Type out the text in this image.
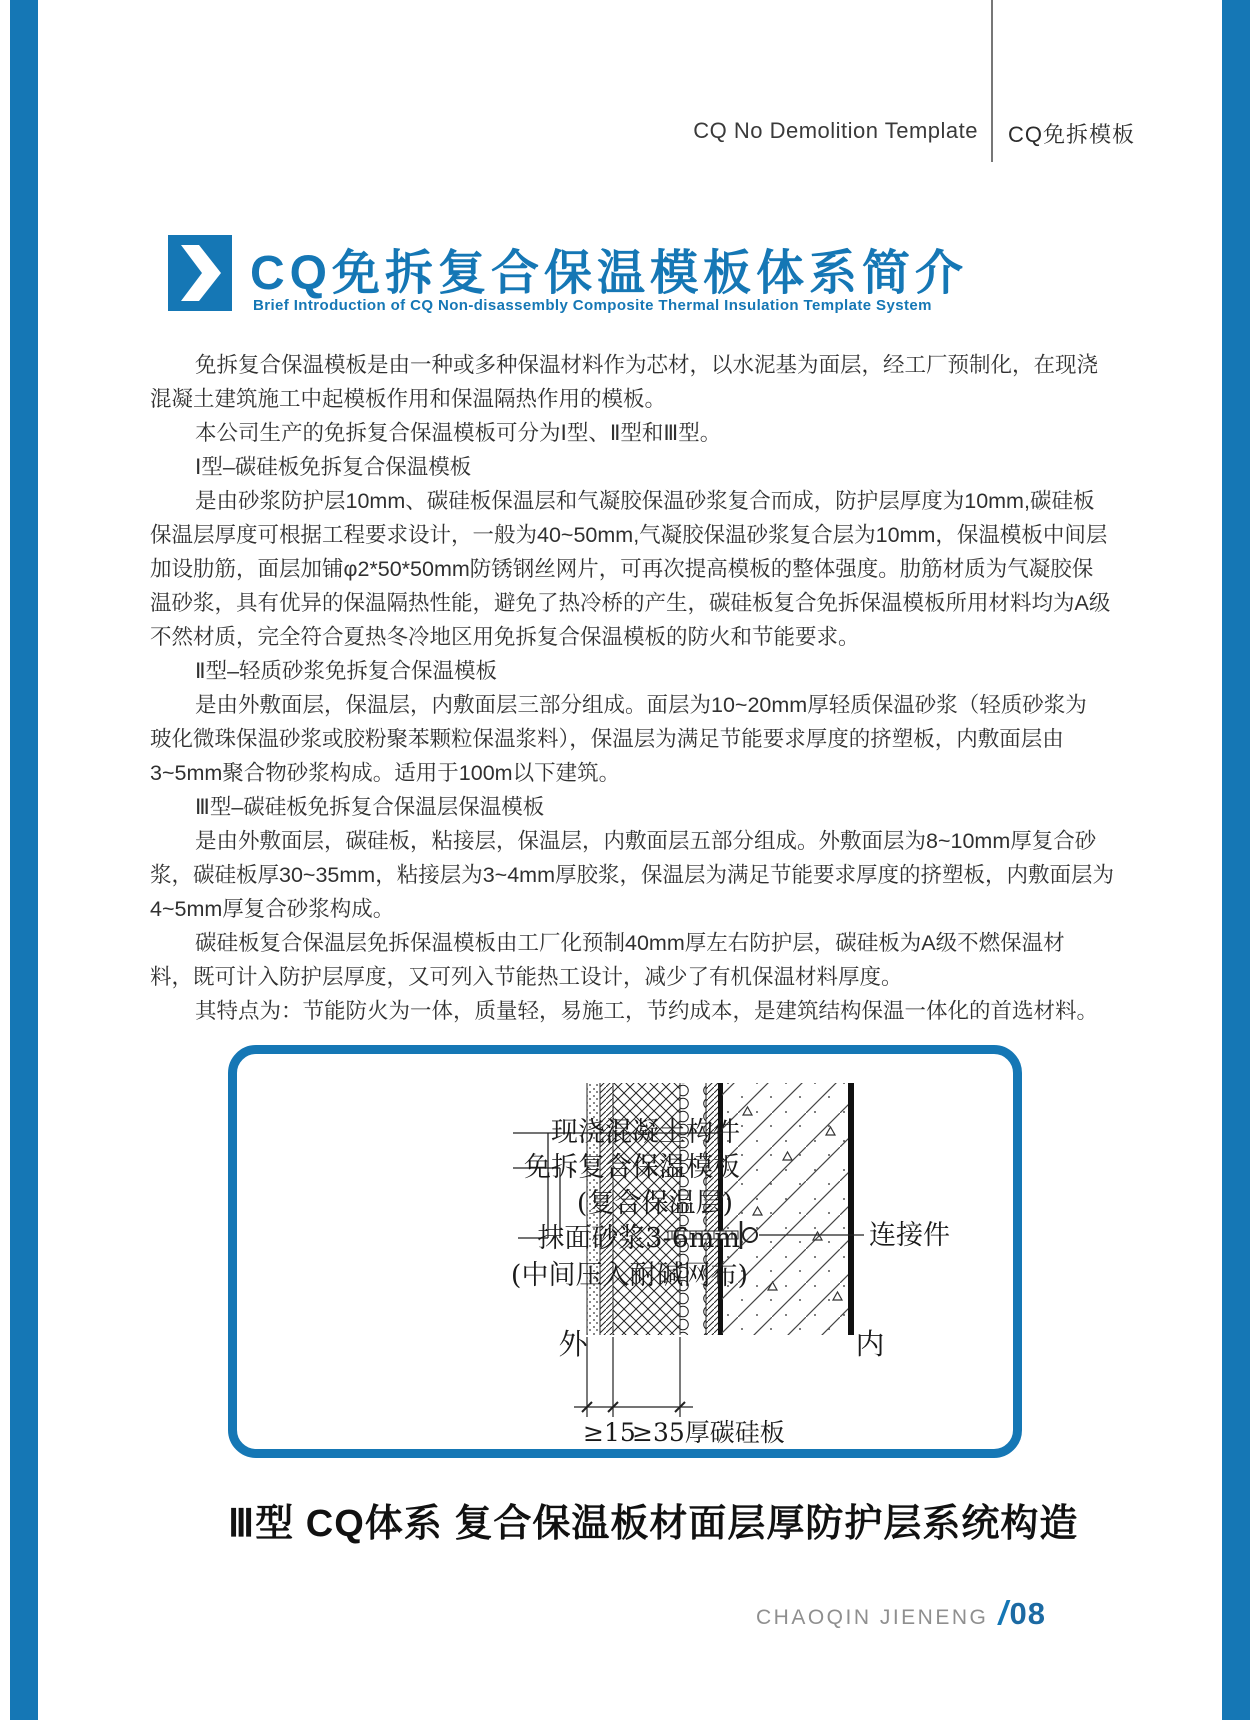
CQ No Demolition Template CQ免拆模板
CQ免拆复合保温模板体系简介
Brief Introduction of CQ Non-disassembly Composite Thermal Insulation Template System
免拆复合保温模板是由一种或多种保温材料作为芯材，以水泥基为面层，经工厂预制化，在现浇
混凝土建筑施工中起模板作用和保温隔热作用的模板。
本公司生产的免拆复合保温模板可分为Ⅰ型、Ⅱ型和Ⅲ型。
Ⅰ型–碳硅板免拆复合保温模板
是由砂浆防护层10mm、碳硅板保温层和气凝胶保温砂浆复合而成，防护层厚度为10mm,碳硅板
保温层厚度可根据工程要求设计，一般为40~50mm,气凝胶保温砂浆复合层为10mm，保温模板中间层
加设肋筋，面层加铺φ2*50*50mm防锈钢丝网片，可再次提高模板的整体强度。肋筋材质为气凝胶保
温砂浆，具有优异的保温隔热性能，避免了热冷桥的产生，碳硅板复合免拆保温模板所用材料均为A级
不然材质，完全符合夏热冬冷地区用免拆复合保温模板的防火和节能要求。
Ⅱ型–轻质砂浆免拆复合保温模板
是由外敷面层，保温层，内敷面层三部分组成。面层为10~20mm厚轻质保温砂浆（轻质砂浆为
玻化微珠保温砂浆或胶粉聚苯颗粒保温浆料），保温层为满足节能要求厚度的挤塑板，内敷面层由
3~5mm聚合物砂浆构成。适用于100m以下建筑。
Ⅲ型–碳硅板免拆复合保温层保温模板
是由外敷面层，碳硅板，粘接层，保温层，内敷面层五部分组成。外敷面层为8~10mm厚复合砂
浆，碳硅板厚30~35mm，粘接层为3~4mm厚胶浆，保温层为满足节能要求厚度的挤塑板，内敷面层为
4~5mm厚复合砂浆构成。
碳硅板复合保温层免拆保温模板由工厂化预制40mm厚左右防护层，碳硅板为A级不燃保温材
料，既可计入防护层厚度，又可列入节能热工设计，减少了有机保温材料厚度。
其特点为：节能防火为一体，质量轻，易施工，节约成本，是建筑结构保温一体化的首选材料。
现浇混凝土构件
免拆复合保温模板
(复合保温层)
抹面砂浆3-6mm
(中间压入耐碱网布)
连接件
外	内
≥15
≥35厚碳硅板
Ⅲ型 CQ体系 复合保温板材面层厚防护层系统构造
CHAOQIN JIENENG / 08
